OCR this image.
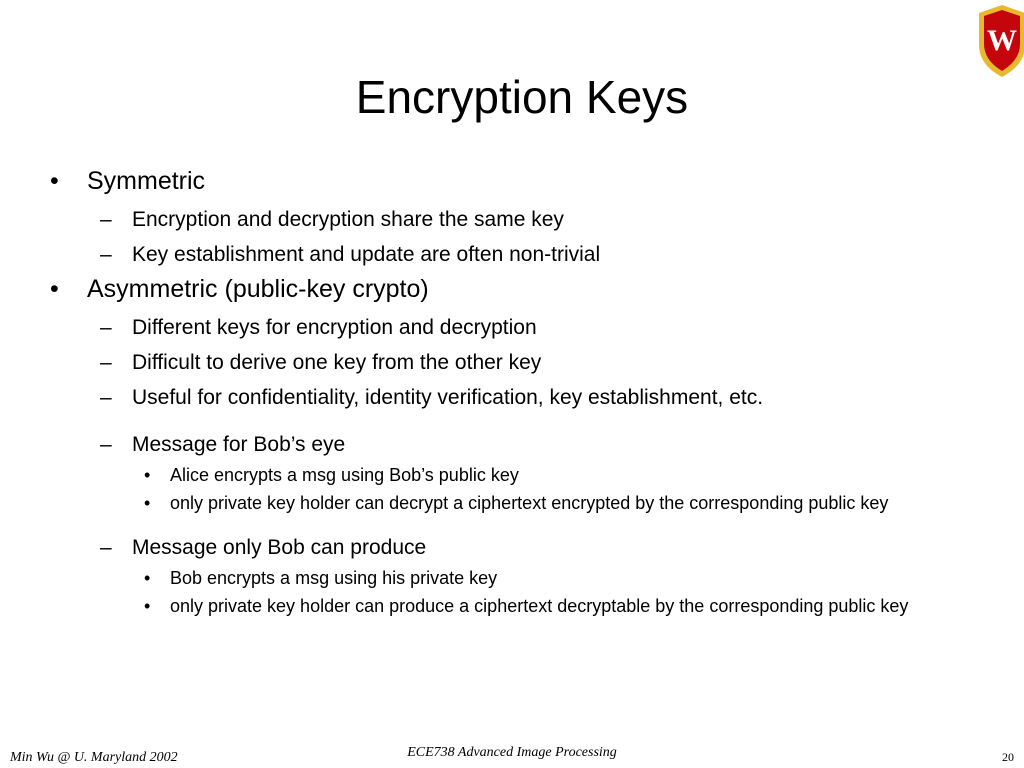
Encryption Keys
W
• Symmetric
– Encryption and decryption share the same key
– Key establishment and update are often non-trivial
• Asymmetric (public-key crypto)
– Different keys for encryption and decryption
– Difficult to derive one key from the other key
– Useful for confidentiality, identity verification, key establishment, etc.
– Message for Bob’s eye
• Alice encrypts a msg using Bob’s public key
• only private key holder can decrypt a ciphertext encrypted by the corresponding public key
– Message only Bob can produce
• Bob encrypts a msg using his private key
• only private key holder can produce a ciphertext decryptable by the corresponding public key
Min Wu @ U. Maryland 2002	ECE738 Advanced Image Processing	20
